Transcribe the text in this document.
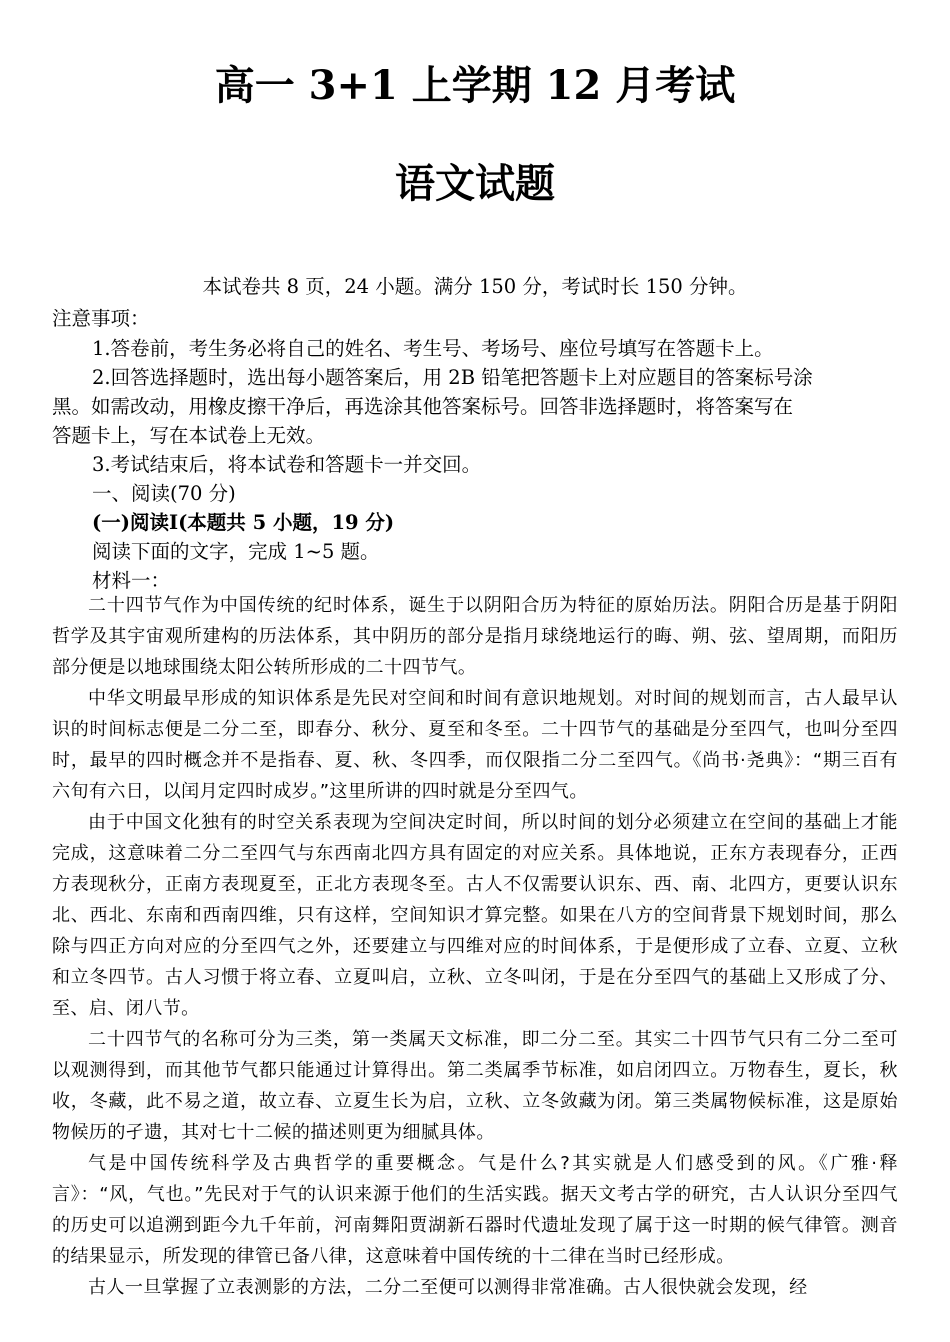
高一 3+1 上学期 12 月考试
语文试题
本试卷共 8 页，24 小题。满分 150 分，考试时长 150 分钟。
注意事项：
1.答卷前，考生务必将自己的姓名、考生号、考场号、座位号填写在答题卡上。
2.回答选择题时，选出每小题答案后，用 2B 铅笔把答题卡上对应题目的答案标号涂
黑。如需改动，用橡皮擦干净后，再选涂其他答案标号。回答非选择题时，将答案写在
答题卡上，写在本试卷上无效。
3.考试结束后，将本试卷和答题卡一并交回。
一、阅读(70 分)
(一)阅读Ⅰ(本题共 5 小题，19 分)
阅读下面的文字，完成 1~5 题。
材料一：

二十四节气作为中国传统的纪时体系，诞生于以阴阳合历为特征的原始历法。阴阳合历是基于阴阳哲学及其宇宙观所建构的历法体系，其中阴历的部分是指月球绕地运行的晦、朔、弦、望周期，而阳历部分便是以地球围绕太阳公转所形成的二十四节气。

中华文明最早形成的知识体系是先民对空间和时间有意识地规划。对时间的规划而言，古人最早认识的时间标志便是二分二至，即春分、秋分、夏至和冬至。二十四节气的基础是分至四气，也叫分至四时，最早的四时概念并不是指春、夏、秋、冬四季，而仅限指二分二至四气。《尚书·尧典》：“期三百有六旬有六日，以闰月定四时成岁。”这里所讲的四时就是分至四气。

由于中国文化独有的时空关系表现为空间决定时间，所以时间的划分必须建立在空间的基础上才能完成，这意味着二分二至四气与东西南北四方具有固定的对应关系。具体地说，正东方表现春分，正西方表现秋分，正南方表现夏至，正北方表现冬至。古人不仅需要认识东、西、南、北四方，更要认识东北、西北、东南和西南四维，只有这样，空间知识才算完整。如果在八方的空间背景下规划时间，那么除与四正方向对应的分至四气之外，还要建立与四维对应的时间体系，于是便形成了立春、立夏、立秋和立冬四节。古人习惯于将立春、立夏叫启，立秋、立冬叫闭，于是在分至四气的基础上又形成了分、至、启、闭八节。

二十四节气的名称可分为三类，第一类属天文标准，即二分二至。其实二十四节气只有二分二至可以观测得到，而其他节气都只能通过计算得出。第二类属季节标准，如启闭四立。万物春生，夏长，秋收，冬藏，此不易之道，故立春、立夏生长为启，立秋、立冬敛藏为闭。第三类属物候标准，这是原始物候历的孑遗，其对七十二候的描述则更为细腻具体。

气是中国传统科学及古典哲学的重要概念。气是什么?其实就是人们感受到的风。《广雅·释言》：“风，气也。”先民对于气的认识来源于他们的生活实践。据天文考古学的研究，古人认识分至四气的历史可以追溯到距今九千年前，河南舞阳贾湖新石器时代遗址发现了属于这一时期的候气律管。测音的结果显示，所发现的律管已备八律，这意味着中国传统的十二律在当时已经形成。

古人一旦掌握了立表测影的方法，二分二至便可以测得非常准确。古人很快就会发现，经
